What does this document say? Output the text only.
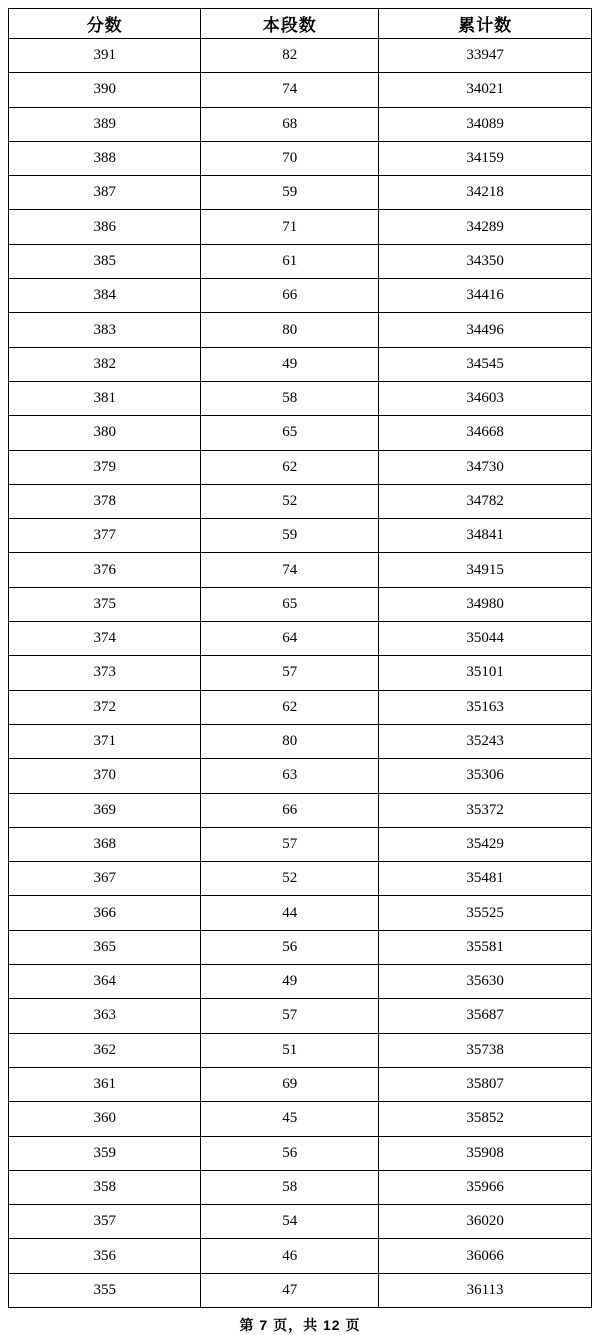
分数	本段数	累计数
391	82	33947
390	74	34021
389	68	34089
388	70	34159
387	59	34218
386	71	34289
385	61	34350
384	66	34416
383	80	34496
382	49	34545
381	58	34603
380	65	34668
379	62	34730
378	52	34782
377	59	34841
376	74	34915
375	65	34980
374	64	35044
373	57	35101
372	62	35163
371	80	35243
370	63	35306
369	66	35372
368	57	35429
367	52	35481
366	44	35525
365	56	35581
364	49	35630
363	57	35687
362	51	35738
361	69	35807
360	45	35852
359	56	35908
358	58	35966
357	54	36020
356	46	36066
355	47	36113
第 7 页，共 12 页
